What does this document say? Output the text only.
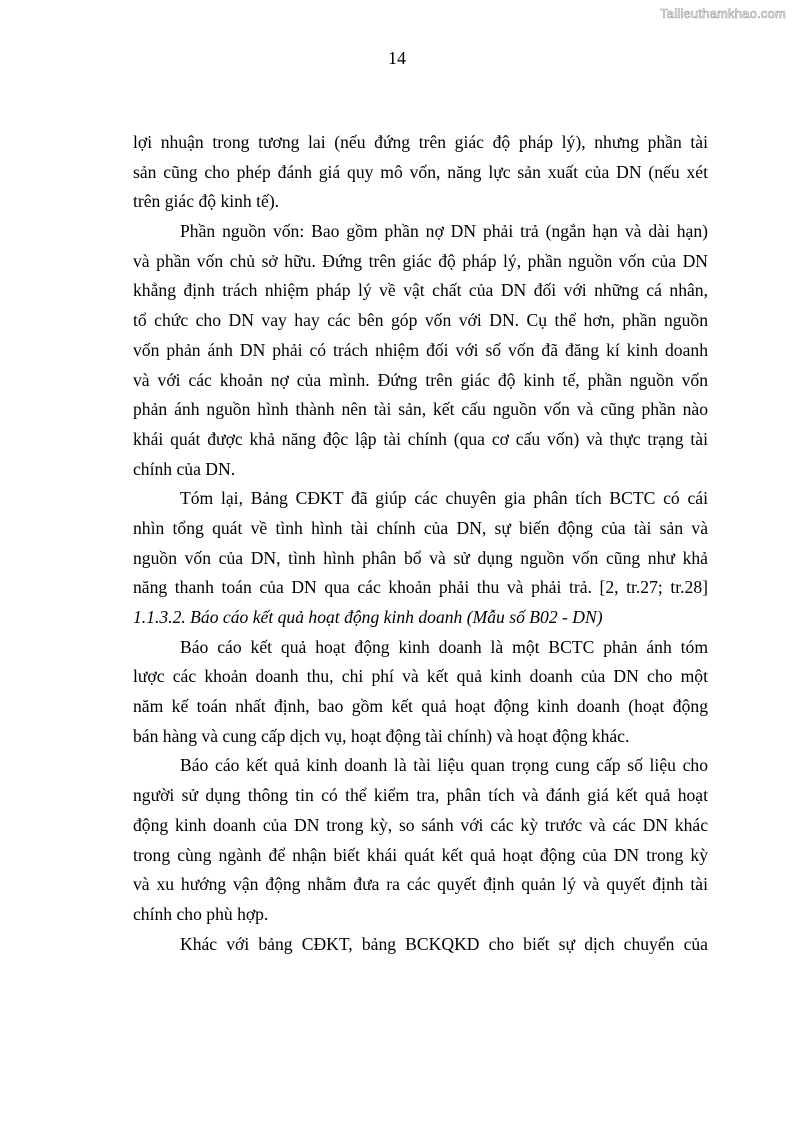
Tailieuthamkhao.com
14
lợi nhuận trong tương lai (nếu đứng trên giác độ pháp lý), nhưng phần tài
sản cũng cho phép đánh giá quy mô vốn, năng lực sản xuất của DN (nếu xét
trên giác độ kinh tế).
Phần nguồn vốn: Bao gồm phần nợ DN phải trả (ngắn hạn và dài hạn)
và phần vốn chủ sở hữu. Đứng trên giác độ pháp lý, phần nguồn vốn của DN
khẳng định trách nhiệm pháp lý về vật chất của DN đối với những cá nhân,
tổ chức cho DN vay hay các bên góp vốn với DN. Cụ thể hơn, phần nguồn
vốn phản ánh DN phải có trách nhiệm đối với số vốn đã đăng kí kinh doanh
và với các khoản nợ của mình. Đứng trên giác độ kinh tế, phần nguồn vốn
phản ánh nguồn hình thành nên tài sản, kết cấu nguồn vốn và cũng phần nào
khái quát được khả năng độc lập tài chính (qua cơ cấu vốn) và thực trạng tài
chính của DN.
Tóm lại, Bảng CĐKT đã giúp các chuyên gia phân tích BCTC có cái
nhìn tổng quát về tình hình tài chính của DN, sự biến động của tài sản và
nguồn vốn của DN, tình hình phân bổ và sử dụng nguồn vốn cũng như khả
năng thanh toán của DN qua các khoản phải thu và phải trả. [2, tr.27; tr.28]
1.1.3.2. Báo cáo kết quả hoạt động kinh doanh (Mẫu số B02 - DN)
Báo cáo kết quả hoạt động kinh doanh là một BCTC phản ánh tóm
lược các khoản doanh thu, chi phí và kết quả kinh doanh của DN cho một
năm kế toán nhất định, bao gồm kết quả hoạt động kinh doanh (hoạt động
bán hàng và cung cấp dịch vụ, hoạt động tài chính) và hoạt động khác.
Báo cáo kết quả kinh doanh là tài liệu quan trọng cung cấp số liệu cho
người sử dụng thông tin có thể kiểm tra, phân tích và đánh giá kết quả hoạt
động kinh doanh của DN trong kỳ, so sánh với các kỳ trước và các DN khác
trong cùng ngành để nhận biết khái quát kết quả hoạt động của DN trong kỳ
và xu hướng vận động nhằm đưa ra các quyết định quản lý và quyết định tài
chính cho phù hợp.
Khác với bảng CĐKT, bảng BCKQKD cho biết sự dịch chuyển của
